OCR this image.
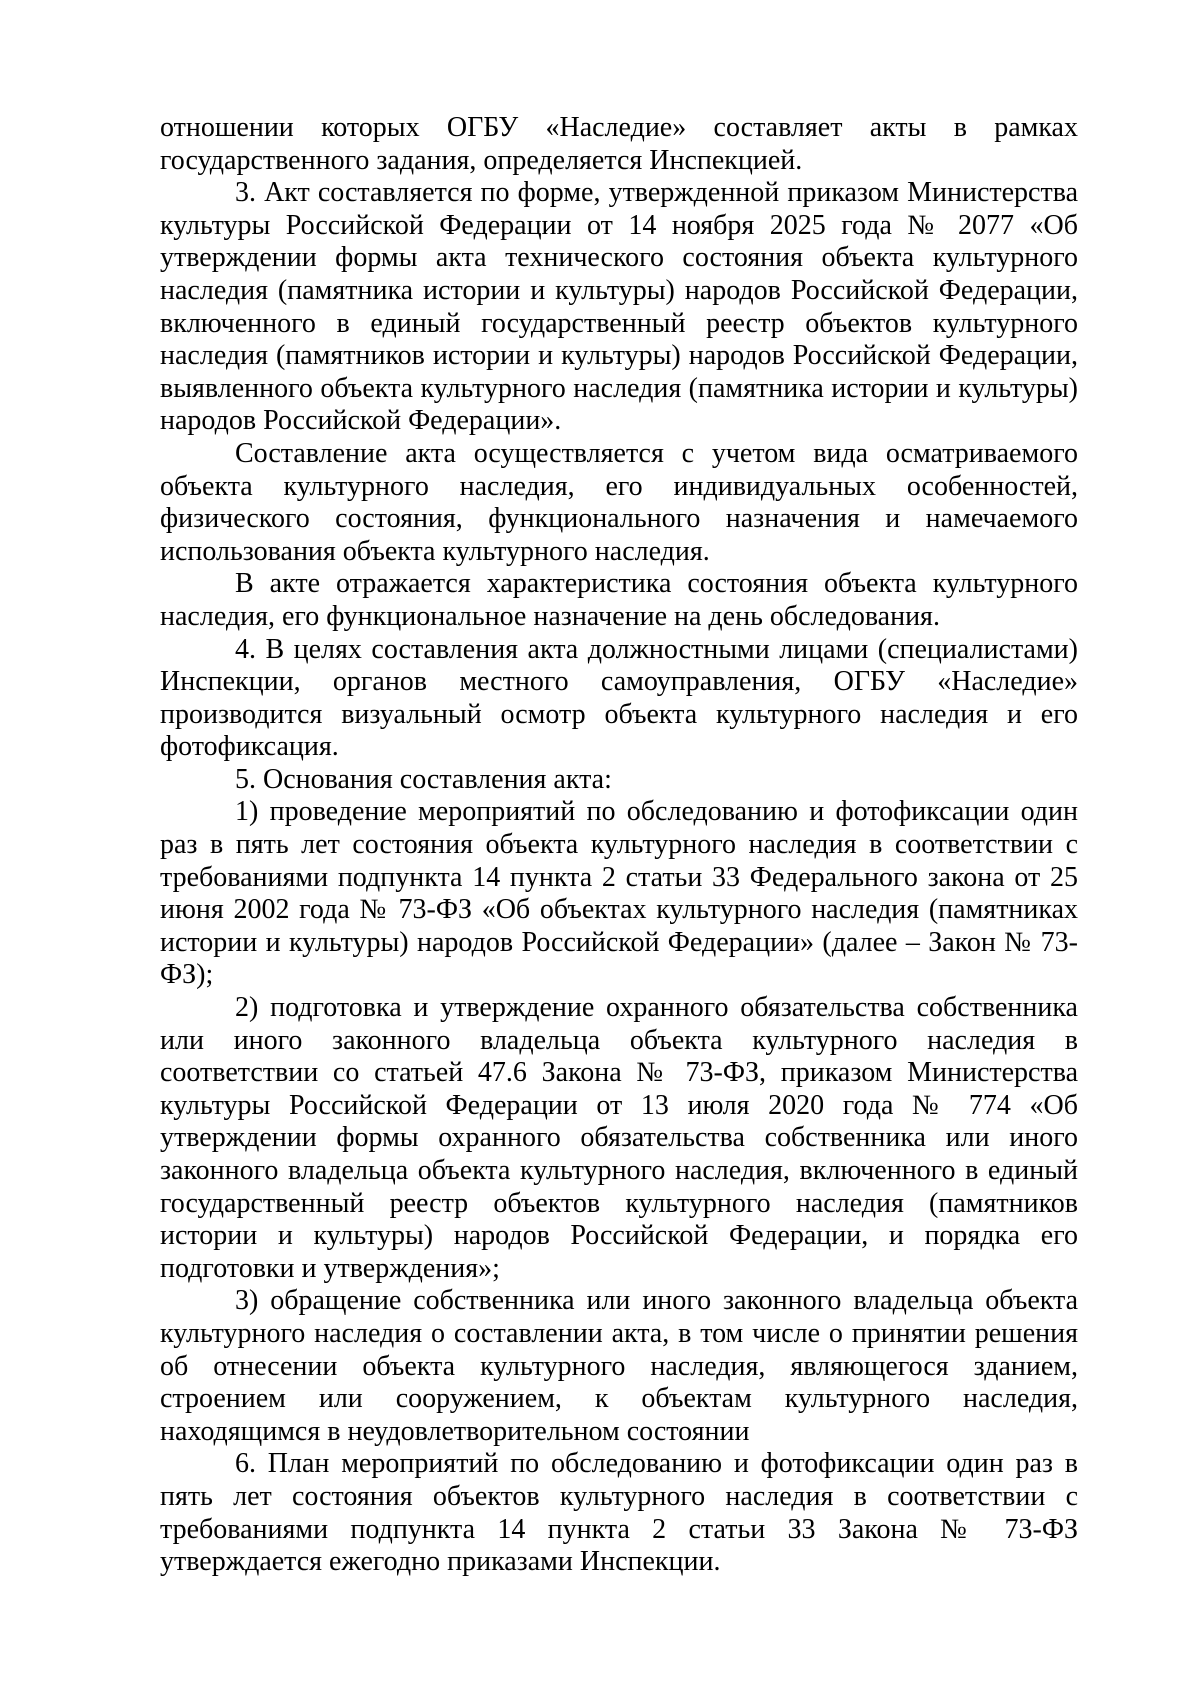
отношении которых ОГБУ «Наследие» составляет акты в рамках государственного задания, определяется Инспекцией.

3. Акт составляется по форме, утвержденной приказом Министерства культуры Российской Федерации от 14 ноября 2025 года № 2077 «Об утверждении формы акта технического состояния объекта культурного наследия (памятника истории и культуры) народов Российской Федерации, включенного в единый государственный реестр объектов культурного наследия (памятников истории и культуры) народов Российской Федерации, выявленного объекта культурного наследия (памятника истории и культуры) народов Российской Федерации».

Составление акта осуществляется с учетом вида осматриваемого объекта культурного наследия, его индивидуальных особенностей, физического состояния, функционального назначения и намечаемого использования объекта культурного наследия.

В акте отражается характеристика состояния объекта культурного наследия, его функциональное назначение на день обследования.

4. В целях составления акта должностными лицами (специалистами) Инспекции, органов местного самоуправления, ОГБУ «Наследие» производится визуальный осмотр объекта культурного наследия и его фотофиксация.

5. Основания составления акта:

1) проведение мероприятий по обследованию и фотофиксации один раз в пять лет состояния объекта культурного наследия в соответствии с требованиями подпункта 14 пункта 2 статьи 33 Федерального закона от 25 июня 2002 года № 73-ФЗ «Об объектах культурного наследия (памятниках истории и культуры) народов Российской Федерации» (далее – Закон № 73-ФЗ);

2) подготовка и утверждение охранного обязательства собственника или иного законного владельца объекта культурного наследия в соответствии со статьей 47.6 Закона № 73-ФЗ, приказом Министерства культуры Российской Федерации от 13 июля 2020 года № 774 «Об утверждении формы охранного обязательства собственника или иного законного владельца объекта культурного наследия, включенного в единый государственный реестр объектов культурного наследия (памятников истории и культуры) народов Российской Федерации, и порядка его подготовки и утверждения»;

3) обращение собственника или иного законного владельца объекта культурного наследия о составлении акта, в том числе о принятии решения об отнесении объекта культурного наследия, являющегося зданием, строением или сооружением, к объектам культурного наследия, находящимся в неудовлетворительном состоянии

6. План мероприятий по обследованию и фотофиксации один раз в пять лет состояния объектов культурного наследия в соответствии с требованиями подпункта 14 пункта 2 статьи 33 Закона № 73-ФЗ утверждается ежегодно приказами Инспекции.
